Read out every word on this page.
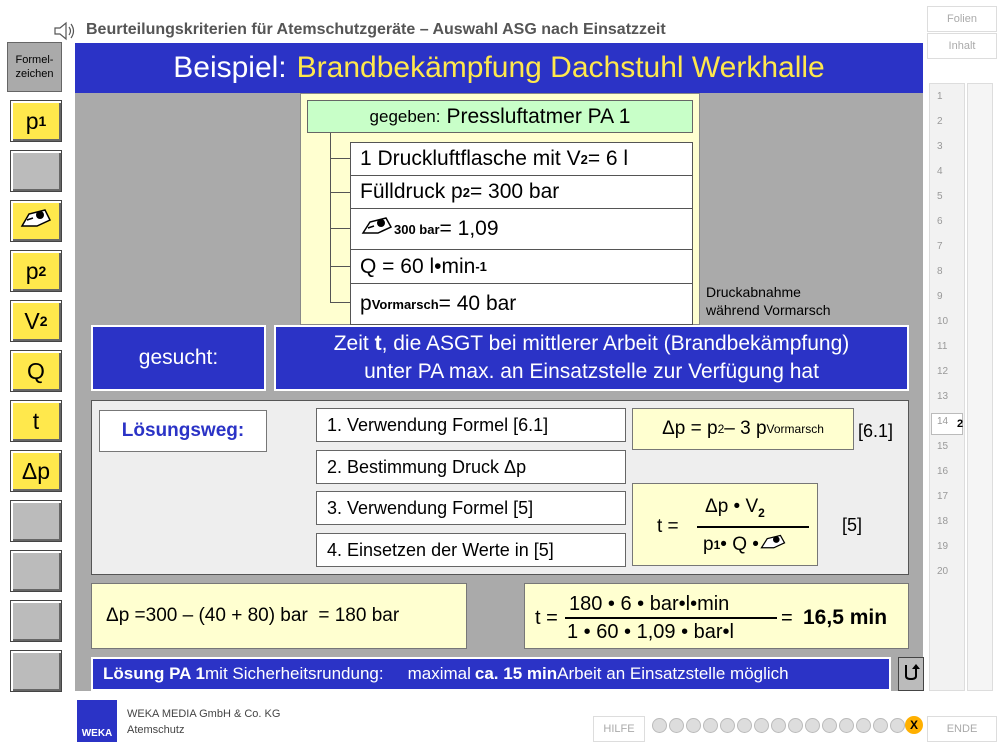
Beurteilungskriterien für Atemschutzgeräte – Auswahl ASG nach Einsatzzeit
Folien
Inhalt
Beispiel: Brandbekämpfung Dachstuhl Werkhalle
Formel-
zeichen
p 1
p 2
V 2
Q
t
Δp
1
2
3
4
5
6
7
8
9
10
11
12
13
14
15
16
17
18
19
20
2
gegeben: Pressluftatmer PA 1
1 Druckluftflasche mit V 2 = 6 l
Fülldruck p 2 = 300 bar
300 bar = 1,09
Q = 60 l•min -1
p Vormarsch = 40 bar	Druckabnahme
während Vormarsch
gesucht:
Zeit t, die ASGT bei mittlerer Arbeit (Brandbekämpfung)
unter PA max. an Einsatzstelle zur Verfügung hat
Lösungsweg:	1. Verwendung Formel [6.1]
2. Bestimmung Druck Δp
3. Verwendung Formel [5]
4. Einsetzen der Werte in [5]
Δp = p 2 – 3 p Vormarsch [6.1]
t =
Δp • $V_2$
p 1 • Q •
[5]
Δp =300 – (40 + 80) bar
= 180 bar	t =
180 • 6 • bar•l•min
1 • 60 • 1,09 • bar•l
= 16,5 min
Lösung PA 1 mit Sicherheitsrundung: maximal ca. 15 min Arbeit an Einsatzstelle möglich
WEKA
WEKA MEDIA GmbH & Co. KG
Atemschutz	HILFE	X	ENDE
